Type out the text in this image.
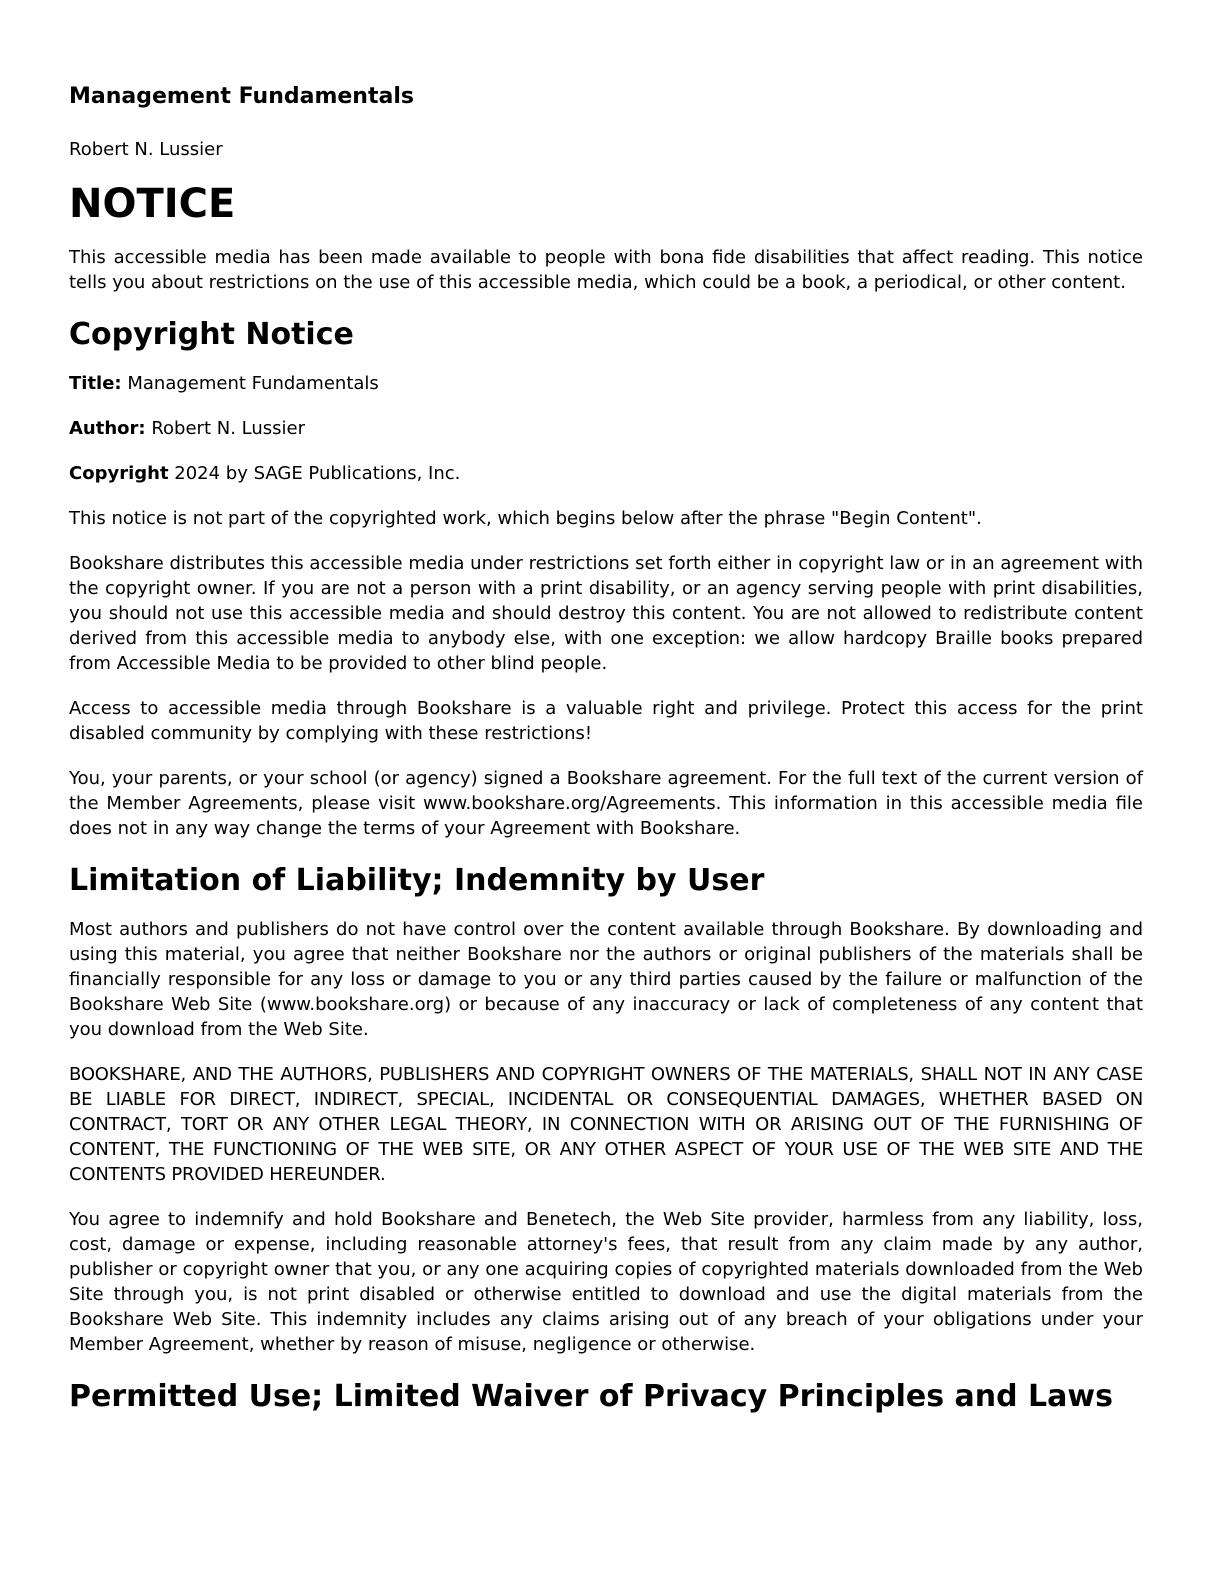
Management Fundamentals
Robert N. Lussier
NOTICE

This accessible media has been made available to people with bona fide disabilities that affect reading. This notice tells you about restrictions on the use of this accessible media, which could be a book, a periodical, or other content.

Copyright Notice

Title: Management Fundamentals

Author: Robert N. Lussier

Copyright 2024 by SAGE Publications, Inc.

This notice is not part of the copyrighted work, which begins below after the phrase "Begin Content".

Bookshare distributes this accessible media under restrictions set forth either in copyright law or in an agreement with the copyright owner. If you are not a person with a print disability, or an agency serving people with print disabilities, you should not use this accessible media and should destroy this content. You are not allowed to redistribute content derived from this accessible media to anybody else, with one exception: we allow hardcopy Braille books prepared from Accessible Media to be provided to other blind people.

Access to accessible media through Bookshare is a valuable right and privilege. Protect this access for the print disabled community by complying with these restrictions!

You, your parents, or your school (or agency) signed a Bookshare agreement. For the full text of the current version of the Member Agreements, please visit www.bookshare.org/Agreements. This information in this accessible media file does not in any way change the terms of your Agreement with Bookshare.

Limitation of Liability; Indemnity by User

Most authors and publishers do not have control over the content available through Bookshare. By downloading and using this material, you agree that neither Bookshare nor the authors or original publishers of the materials shall be financially responsible for any loss or damage to you or any third parties caused by the failure or malfunction of the Bookshare Web Site (www.bookshare.org) or because of any inaccuracy or lack of completeness of any content that you download from the Web Site.

BOOKSHARE, AND THE AUTHORS, PUBLISHERS AND COPYRIGHT OWNERS OF THE MATERIALS, SHALL NOT IN ANY CASE BE LIABLE FOR DIRECT, INDIRECT, SPECIAL, INCIDENTAL OR CONSEQUENTIAL DAMAGES, WHETHER BASED ON CONTRACT, TORT OR ANY OTHER LEGAL THEORY, IN CONNECTION WITH OR ARISING OUT OF THE FURNISHING OF CONTENT, THE FUNCTIONING OF THE WEB SITE, OR ANY OTHER ASPECT OF YOUR USE OF THE WEB SITE AND THE CONTENTS PROVIDED HEREUNDER.

You agree to indemnify and hold Bookshare and Benetech, the Web Site provider, harmless from any liability, loss, cost, damage or expense, including reasonable attorney's fees, that result from any claim made by any author, publisher or copyright owner that you, or any one acquiring copies of copyrighted materials downloaded from the Web Site through you, is not print disabled or otherwise entitled to download and use the digital materials from the Bookshare Web Site. This indemnity includes any claims arising out of any breach of your obligations under your Member Agreement, whether by reason of misuse, negligence or otherwise.

Permitted Use; Limited Waiver of Privacy Principles and Laws
